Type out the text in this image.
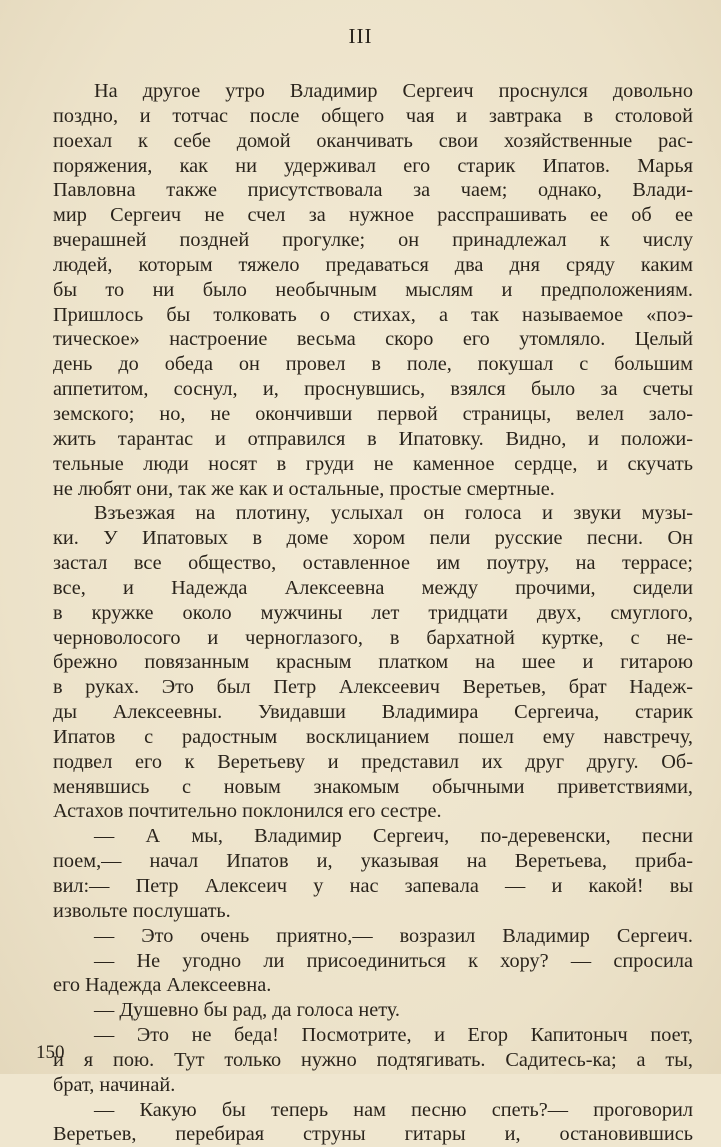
III
На другое утро Владимир Сергеич проснулся довольно
поздно, и тотчас после общего чая и завтрака в столовой
поехал к себе домой оканчивать свои хозяйственные рас-
поряжения, как ни удерживал его старик Ипатов. Марья
Павловна также присутствовала за чаем; однако, Влади-
мир Сергеич не счел за нужное расспрашивать ее об ее
вчерашней поздней прогулке; он принадлежал к числу
людей, которым тяжело предаваться два дня сряду каким
бы то ни было необычным мыслям и предположениям.
Пришлось бы толковать о стихах, а так называемое «поэ-
тическое» настроение весьма скоро его утомляло. Целый
день до обеда он провел в поле, покушал с большим
аппетитом, соснул, и, проснувшись, взялся было за счеты
земского; но, не окончивши первой страницы, велел зало-
жить тарантас и отправился в Ипатовку. Видно, и положи-
тельные люди носят в груди не каменное сердце, и скучать
не любят они, так же как и остальные, простые смертные.
Взъезжая на плотину, услыхал он голоса и звуки музы-
ки. У Ипатовых в доме хором пели русские песни. Он
застал все общество, оставленное им поутру, на террасе;
все, и Надежда Алексеевна между прочими, сидели
в кружке около мужчины лет тридцати двух, смуглого,
черноволосого и черноглазого, в бархатной куртке, с не-
брежно повязанным красным платком на шее и гитарою
в руках. Это был Петр Алексеевич Веретьев, брат Надеж-
ды Алексеевны. Увидавши Владимира Сергеича, старик
Ипатов с радостным восклицанием пошел ему навстречу,
подвел его к Веретьеву и представил их друг другу. Об-
менявшись с новым знакомым обычными приветствиями,
Астахов почтительно поклонился его сестре.
— А мы, Владимир Сергеич, по-деревенски, песни
поем,— начал Ипатов и, указывая на Веретьева, приба-
вил:— Петр Алексеич у нас запевала — и какой! вы
извольте послушать.
— Это очень приятно,— возразил Владимир Сергеич.
— Не угодно ли присоединиться к хору? — спросила
его Надежда Алексеевна.
— Душевно бы рад, да голоса нету.
— Это не беда! Посмотрите, и Егор Капитоныч поет,
и я пою. Тут только нужно подтягивать. Садитесь-ка; а ты,
брат, начинай.
— Какую бы теперь нам песню спеть?— проговорил
Веретьев, перебирая струны гитары и, остановившись
150
